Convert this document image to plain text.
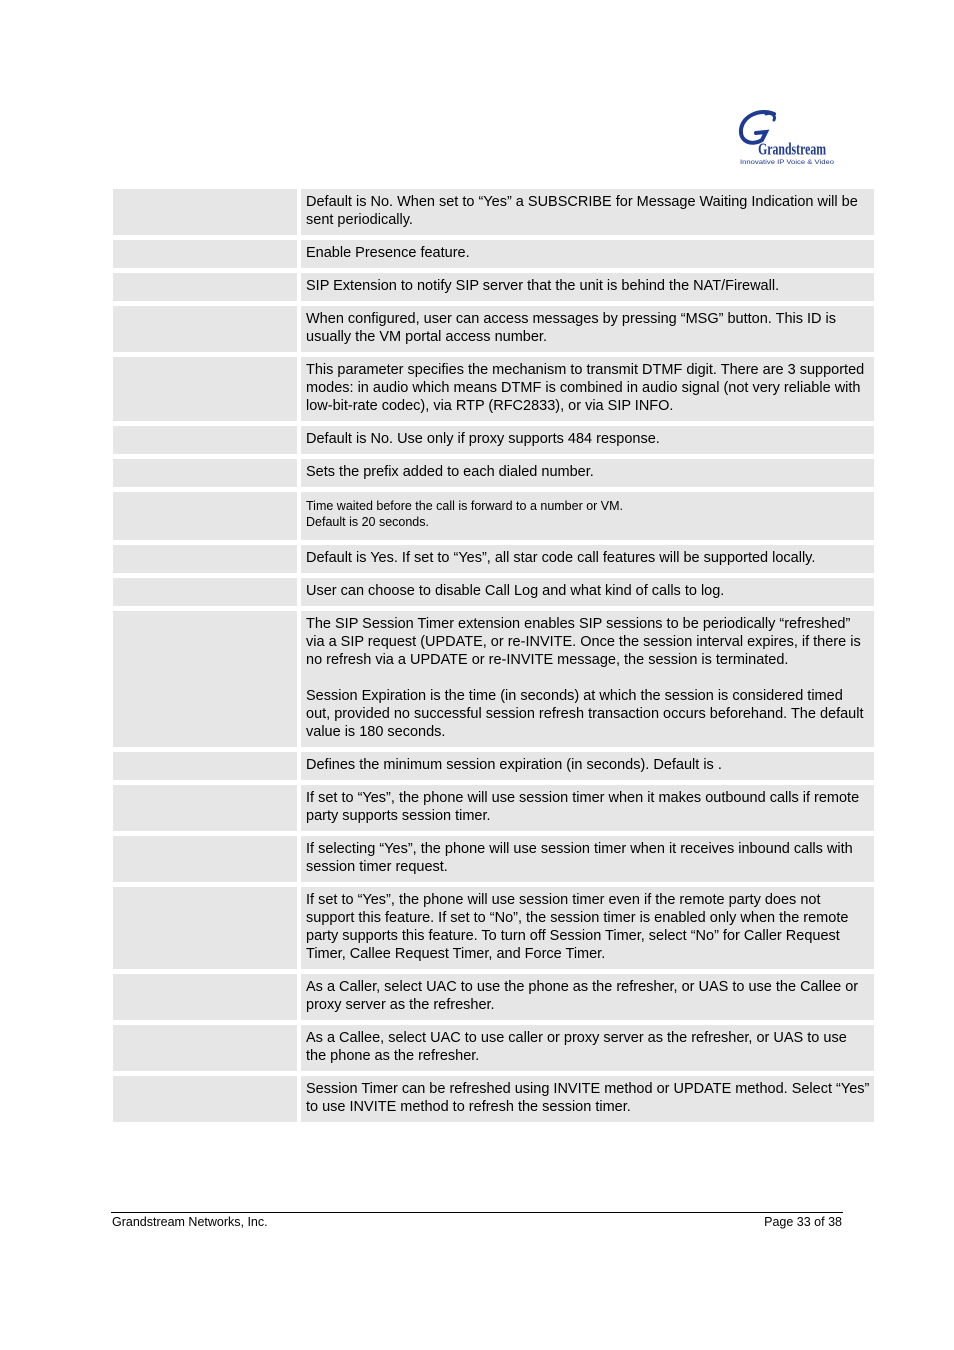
Grandstream
Innovative IP Voice & Video

Default is No. When set to “Yes” a SUBSCRIBE for Message Waiting Indication will be sent periodically.

Enable Presence feature.

SIP Extension to notify SIP server that the unit is behind the NAT/Firewall.

When configured, user can access messages by pressing “MSG” button. This ID is usually the VM portal access number.

This parameter specifies the mechanism to transmit DTMF digit. There are 3 supported modes: in audio which means DTMF is combined in audio signal (not very reliable with low-bit-rate codec), via RTP (RFC2833), or via SIP INFO.

Default is No. Use only if proxy supports 484 response.

Sets the prefix added to each dialed number.

Time waited before the call is forward to a number or VM.

Default is 20 seconds.

Default is Yes. If set to “Yes”, all star code call features will be supported locally.

User can choose to disable Call Log and what kind of calls to log.

The SIP Session Timer extension enables SIP sessions to be periodically “refreshed” via a SIP request (UPDATE, or re-INVITE. Once the session interval expires, if there is no refresh via a UPDATE or re-INVITE message, the session is terminated.

Session Expiration is the time (in seconds) at which the session is considered timed out, provided no successful session refresh transaction occurs beforehand. The default value is 180 seconds.

Defines the minimum session expiration (in seconds). Default is .

If set to “Yes”, the phone will use session timer when it makes outbound calls if remote party supports session timer.

If selecting “Yes”, the phone will use session timer when it receives inbound calls with session timer request.

If set to “Yes”, the phone will use session timer even if the remote party does not support this feature. If set to “No”, the session timer is enabled only when the remote party supports this feature. To turn off Session Timer, select “No” for Caller Request Timer, Callee Request Timer, and Force Timer.

As a Caller, select UAC to use the phone as the refresher, or UAS to use the Callee or proxy server as the refresher.

As a Callee, select UAC to use caller or proxy server as the refresher, or UAS to use the phone as the refresher.

Session Timer can be refreshed using INVITE method or UPDATE method. Select “Yes” to use INVITE method to refresh the session timer.

Grandstream Networks, Inc.	Page 33 of 38
